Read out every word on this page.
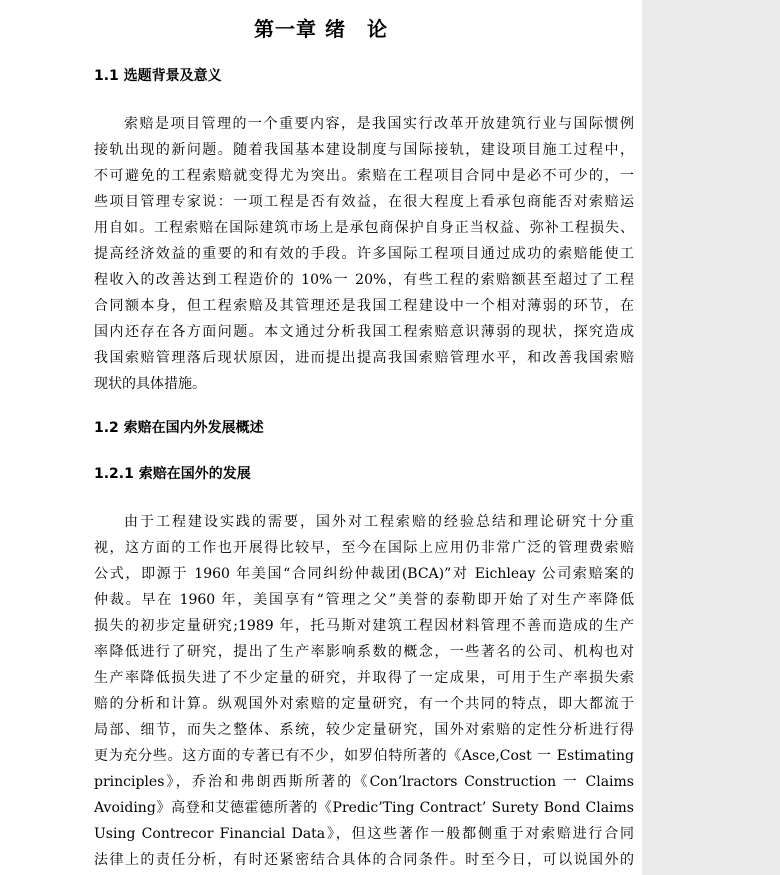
第一章 绪　论
1.1 选题背景及意义
索赔是项目管理的一个重要内容，是我国实行改革开放建筑行业与国际惯例
接轨出现的新问题。随着我国基本建设制度与国际接轨，建设项目施工过程中，
不可避免的工程索赔就变得尤为突出。索赔在工程项目合同中是必不可少的，一
些项目管理专家说：一项工程是否有效益，在很大程度上看承包商能否对索赔运
用自如。工程索赔在国际建筑市场上是承包商保护自身正当权益、弥补工程损失、
提高经济效益的重要的和有效的手段。许多国际工程项目通过成功的索赔能使工
程收入的改善达到工程造价的 10%一 20%，有些工程的索赔额甚至超过了工程
合同额本身，但工程索赔及其管理还是我国工程建设中一个相对薄弱的环节，在
国内还存在各方面问题。本文通过分析我国工程索赔意识薄弱的现状，探究造成
我国索赔管理落后现状原因，进而提出提高我国索赔管理水平，和改善我国索赔
现状的具体措施。
1.2 索赔在国内外发展概述
1.2.1 索赔在国外的发展
由于工程建设实践的需要，国外对工程索赔的经验总结和理论研究十分重
视，这方面的工作也开展得比较早，至今在国际上应用仍非常广泛的管理费索赔
公式，即源于 1960 年美国“合同纠纷仲裁团(BCA)”对 Eichleay 公司索赔案的
仲裁。早在 1960 年，美国享有“管理之父”美誉的泰勒即开始了对生产率降低
损失的初步定量研究;1989 年，托马斯对建筑工程因材料管理不善而造成的生产
率降低进行了研究，提出了生产率影响系数的概念，一些著名的公司、机构也对
生产率降低损失进了不少定量的研究，并取得了一定成果，可用于生产率损失索
赔的分析和计算。纵观国外对索赔的定量研究，有一个共同的特点，即大都流于
局部、细节，而失之整体、系统，较少定量研究，国外对索赔的定性分析进行得
更为充分些。这方面的专著已有不少，如罗伯特所著的《Asce,Cost 一 Estimating
principles》，乔治和弗朗西斯所著的《Con’lractors Construction 一 Claims
Avoiding》高登和艾德霍德所著的《Predic’Ting Contract’ Surety Bond Claims
Using Contrecor Financial Data》，但这些著作一般都侧重于对索赔进行合同
法律上的责任分析，有时还紧密结合具体的合同条件。时至今日，可以说国外的
